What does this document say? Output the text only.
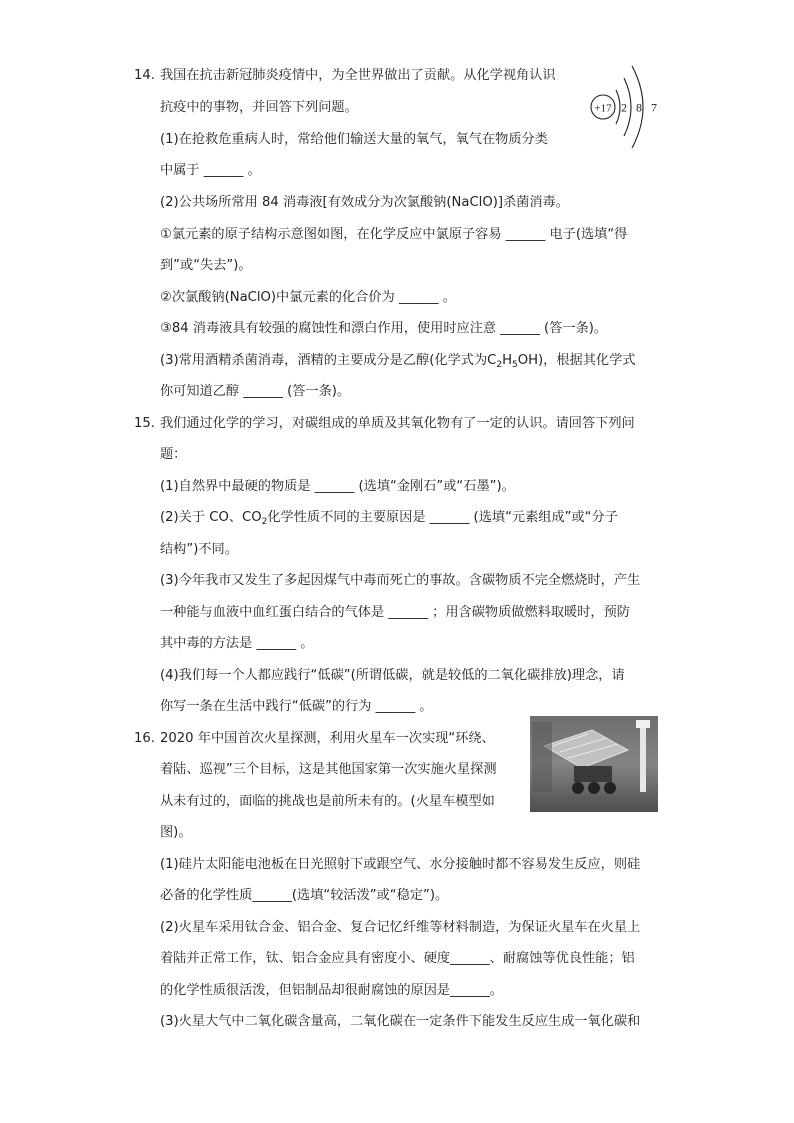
14. 我国在抗击新冠肺炎疫情中，为全世界做出了贡献。从化学视角认识
抗疫中的事物，并回答下列问题。
(1)在抢救危重病人时，常给他们输送大量的氧气，氧气在物质分类
中属于 ______ 。
(2)公共场所常用 84 消毒液[有效成分为次氯酸钠(NaClO)]杀菌消毒。
①氯元素的原子结构示意图如图，在化学反应中氯原子容易 ______ 电子(选填“得
到”或“失去”)。
②次氯酸钠(NaClO)中氯元素的化合价为 ______ 。
③84 消毒液具有较强的腐蚀性和漂白作用，使用时应注意 ______ (答一条)。
(3)常用酒精杀菌消毒，酒精的主要成分是乙醇(化学式为$C_2H_5OH$)，根据其化学式
你可知道乙醇 ______ (答一条)。
+17 2 8 7
15. 我们通过化学的学习，对碳组成的单质及其氧化物有了一定的认识。请回答下列问
题：
(1)自然界中最硬的物质是 ______ (选填“金刚石”或“石墨”)。
(2)关于 CO、$CO_2$化学性质不同的主要原因是 ______ (选填“元素组成”或“分子
结构”)不同。
(3)今年我市又发生了多起因煤气中毒而死亡的事故。含碳物质不完全燃烧时，产生
一种能与血液中血红蛋白结合的气体是 ______ ；用含碳物质做燃料取暖时，预防
其中毒的方法是 ______ 。
(4)我们每一个人都应践行“低碳”(所谓低碳，就是较低的二氧化碳排放)理念，请
你写一条在生活中践行“低碳”的行为 ______ 。
16. 2020 年中国首次火星探测，利用火星车一次实现“环绕、
着陆、巡视”三个目标，这是其他国家第一次实施火星探测
从未有过的，面临的挑战也是前所未有的。(火星车模型如
图)。
(1)硅片太阳能电池板在日光照射下或跟空气、水分接触时都不容易发生反应，则硅
必备的化学性质______(选填“较活泼”或“稳定”)。
(2)火星车采用钛合金、铝合金、复合记忆纤维等材料制造，为保证火星车在火星上
着陆并正常工作，钛、铝合金应具有密度小、硬度______、耐腐蚀等优良性能；铝
的化学性质很活泼，但铝制品却很耐腐蚀的原因是______。
(3)火星大气中二氧化碳含量高，二氧化碳在一定条件下能发生反应生成一氧化碳和
